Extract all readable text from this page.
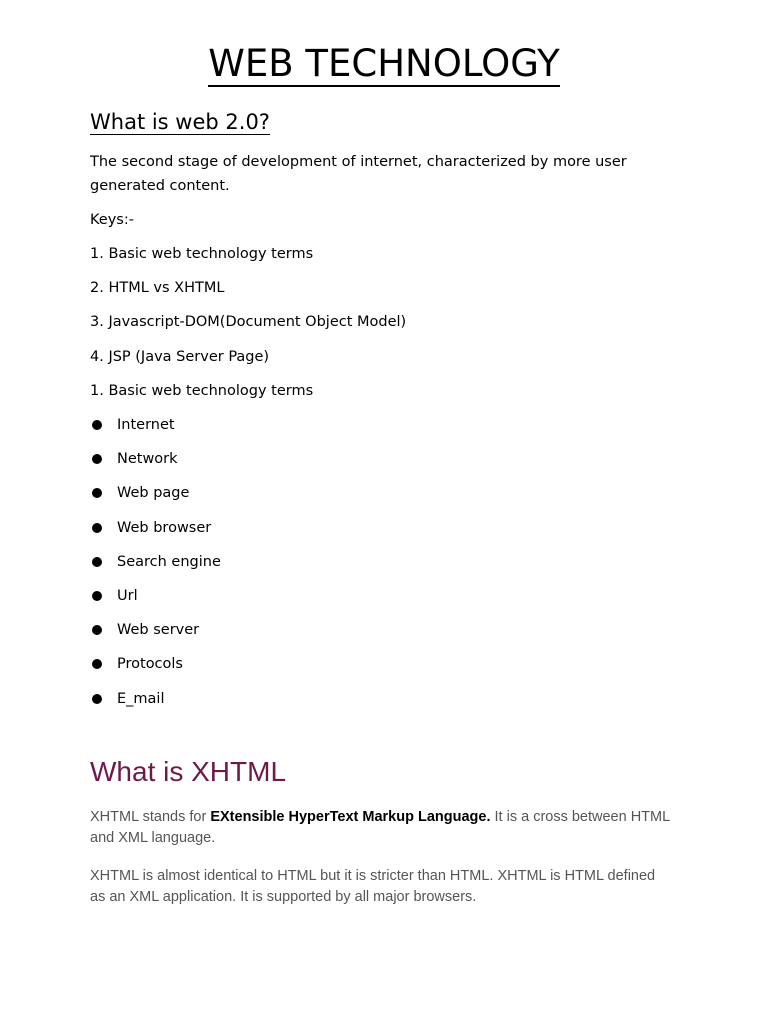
WEB TECHNOLOGY
What is web 2.0?
The second stage of development of internet, characterized by more user
generated content.
Keys:-
1. Basic web technology terms
2. HTML vs XHTML
3. Javascript-DOM(Document Object Model)
4. JSP (Java Server Page)
1. Basic web technology terms
Internet
Network
Web page
Web browser
Search engine
Url
Web server
Protocols
E_mail
What is XHTML
XHTML stands for EXtensible HyperText Markup Language. It is a cross between HTML
and XML language.
XHTML is almost identical to HTML but it is stricter than HTML. XHTML is HTML defined
as an XML application. It is supported by all major browsers.
